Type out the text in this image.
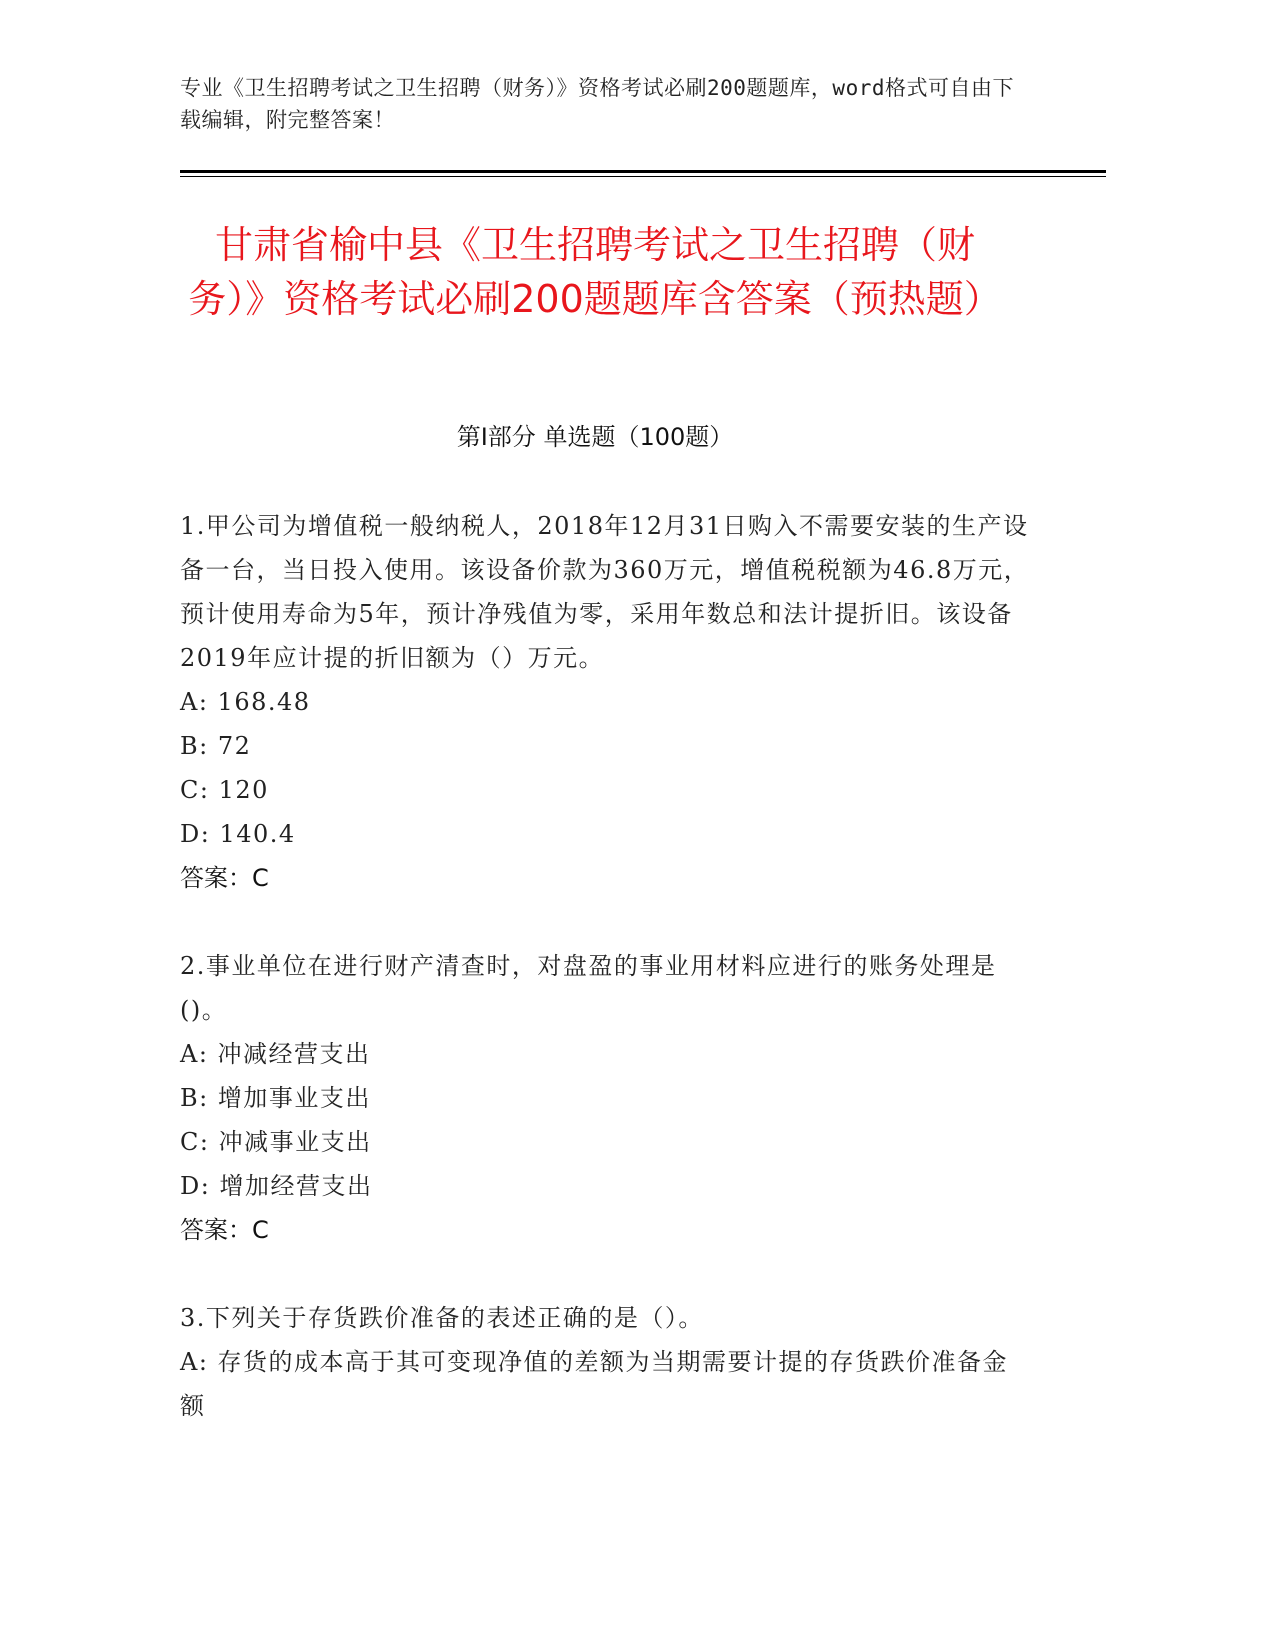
专业《卫生招聘考试之卫生招聘（财务）》资格考试必刷200题题库，word格式可自由下载编辑，附完整答案！
甘肃省榆中县《卫生招聘考试之卫生招聘（财务）》资格考试必刷200题题库含答案（预热题）
第I部分 单选题（100题）
1.甲公司为增值税一般纳税人，2018年12月31日购入不需要安装的生产设备一台，当日投入使用。该设备价款为360万元，增值税税额为46.8万元，预计使用寿命为5年，预计净残值为零，采用年数总和法计提折旧。该设备2019年应计提的折旧额为（）万元。
A: 168.48
B: 72
C: 120
D: 140.4
答案：C
2.事业单位在进行财产清查时，对盘盈的事业用材料应进行的账务处理是()。
A: 冲减经营支出
B: 增加事业支出
C: 冲减事业支出
D: 增加经营支出
答案：C
3.下列关于存货跌价准备的表述正确的是（）。
A: 存货的成本高于其可变现净值的差额为当期需要计提的存货跌价准备金额
